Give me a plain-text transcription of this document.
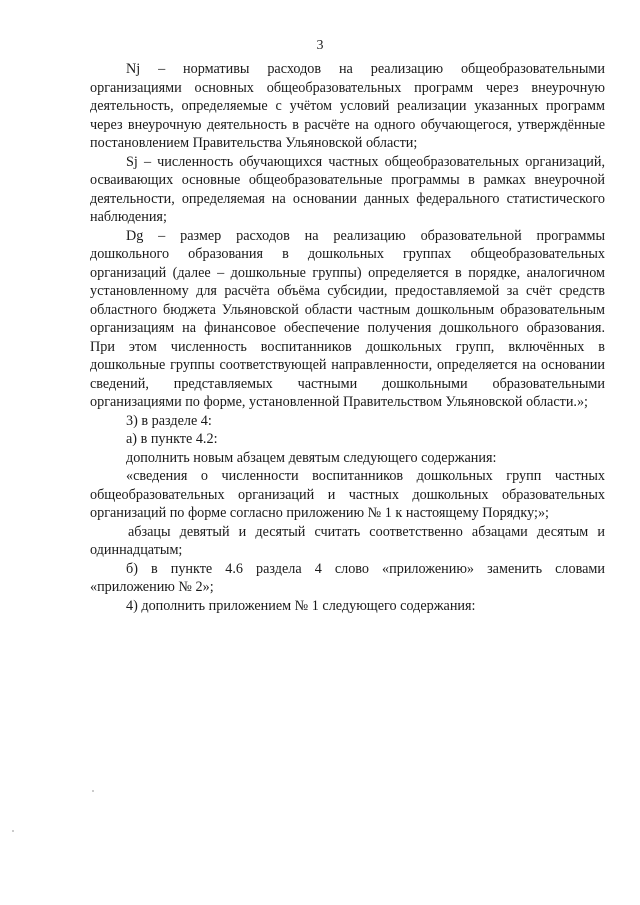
3

Nj – нормативы расходов на реализацию общеобразовательными организациями основных общеобразовательных программ через внеурочную деятельность, определяемые с учётом условий реализации указанных программ через внеурочную деятельность в расчёте на одного обучающегося, утверждённые постановлением Правительства Ульяновской области;

Sj – численность обучающихся частных общеобразовательных организаций, осваивающих основные общеобразовательные программы в рамках внеурочной деятельности, определяемая на основании данных федерального статистического наблюдения;

Dg – размер расходов на реализацию образовательной программы дошкольного образования в дошкольных группах общеобразовательных организаций (далее – дошкольные группы) определяется в порядке, аналогичном установленному для расчёта объёма субсидии, предоставляемой за счёт средств областного бюджета Ульяновской области частным дошкольным образовательным организациям на финансовое обеспечение получения дошкольного образования. При этом численность воспитанников дошкольных групп, включённых в дошкольные группы соответствующей направленности, определяется на основании сведений, представляемых частными дошкольными образовательными организациями по форме, установленной Правительством Ульяновской области.»;

3) в разделе 4:

а) в пункте 4.2:

дополнить новым абзацем девятым следующего содержания:

«сведения о численности воспитанников дошкольных групп частных общеобразовательных организаций и частных дошкольных образовательных организаций по форме согласно приложению № 1 к настоящему Порядку;»;

абзацы девятый и десятый считать соответственно абзацами десятым и одиннадцатым;

б) в пункте 4.6 раздела 4 слово «приложению» заменить словами «приложению № 2»;

4) дополнить приложением № 1 следующего содержания:
